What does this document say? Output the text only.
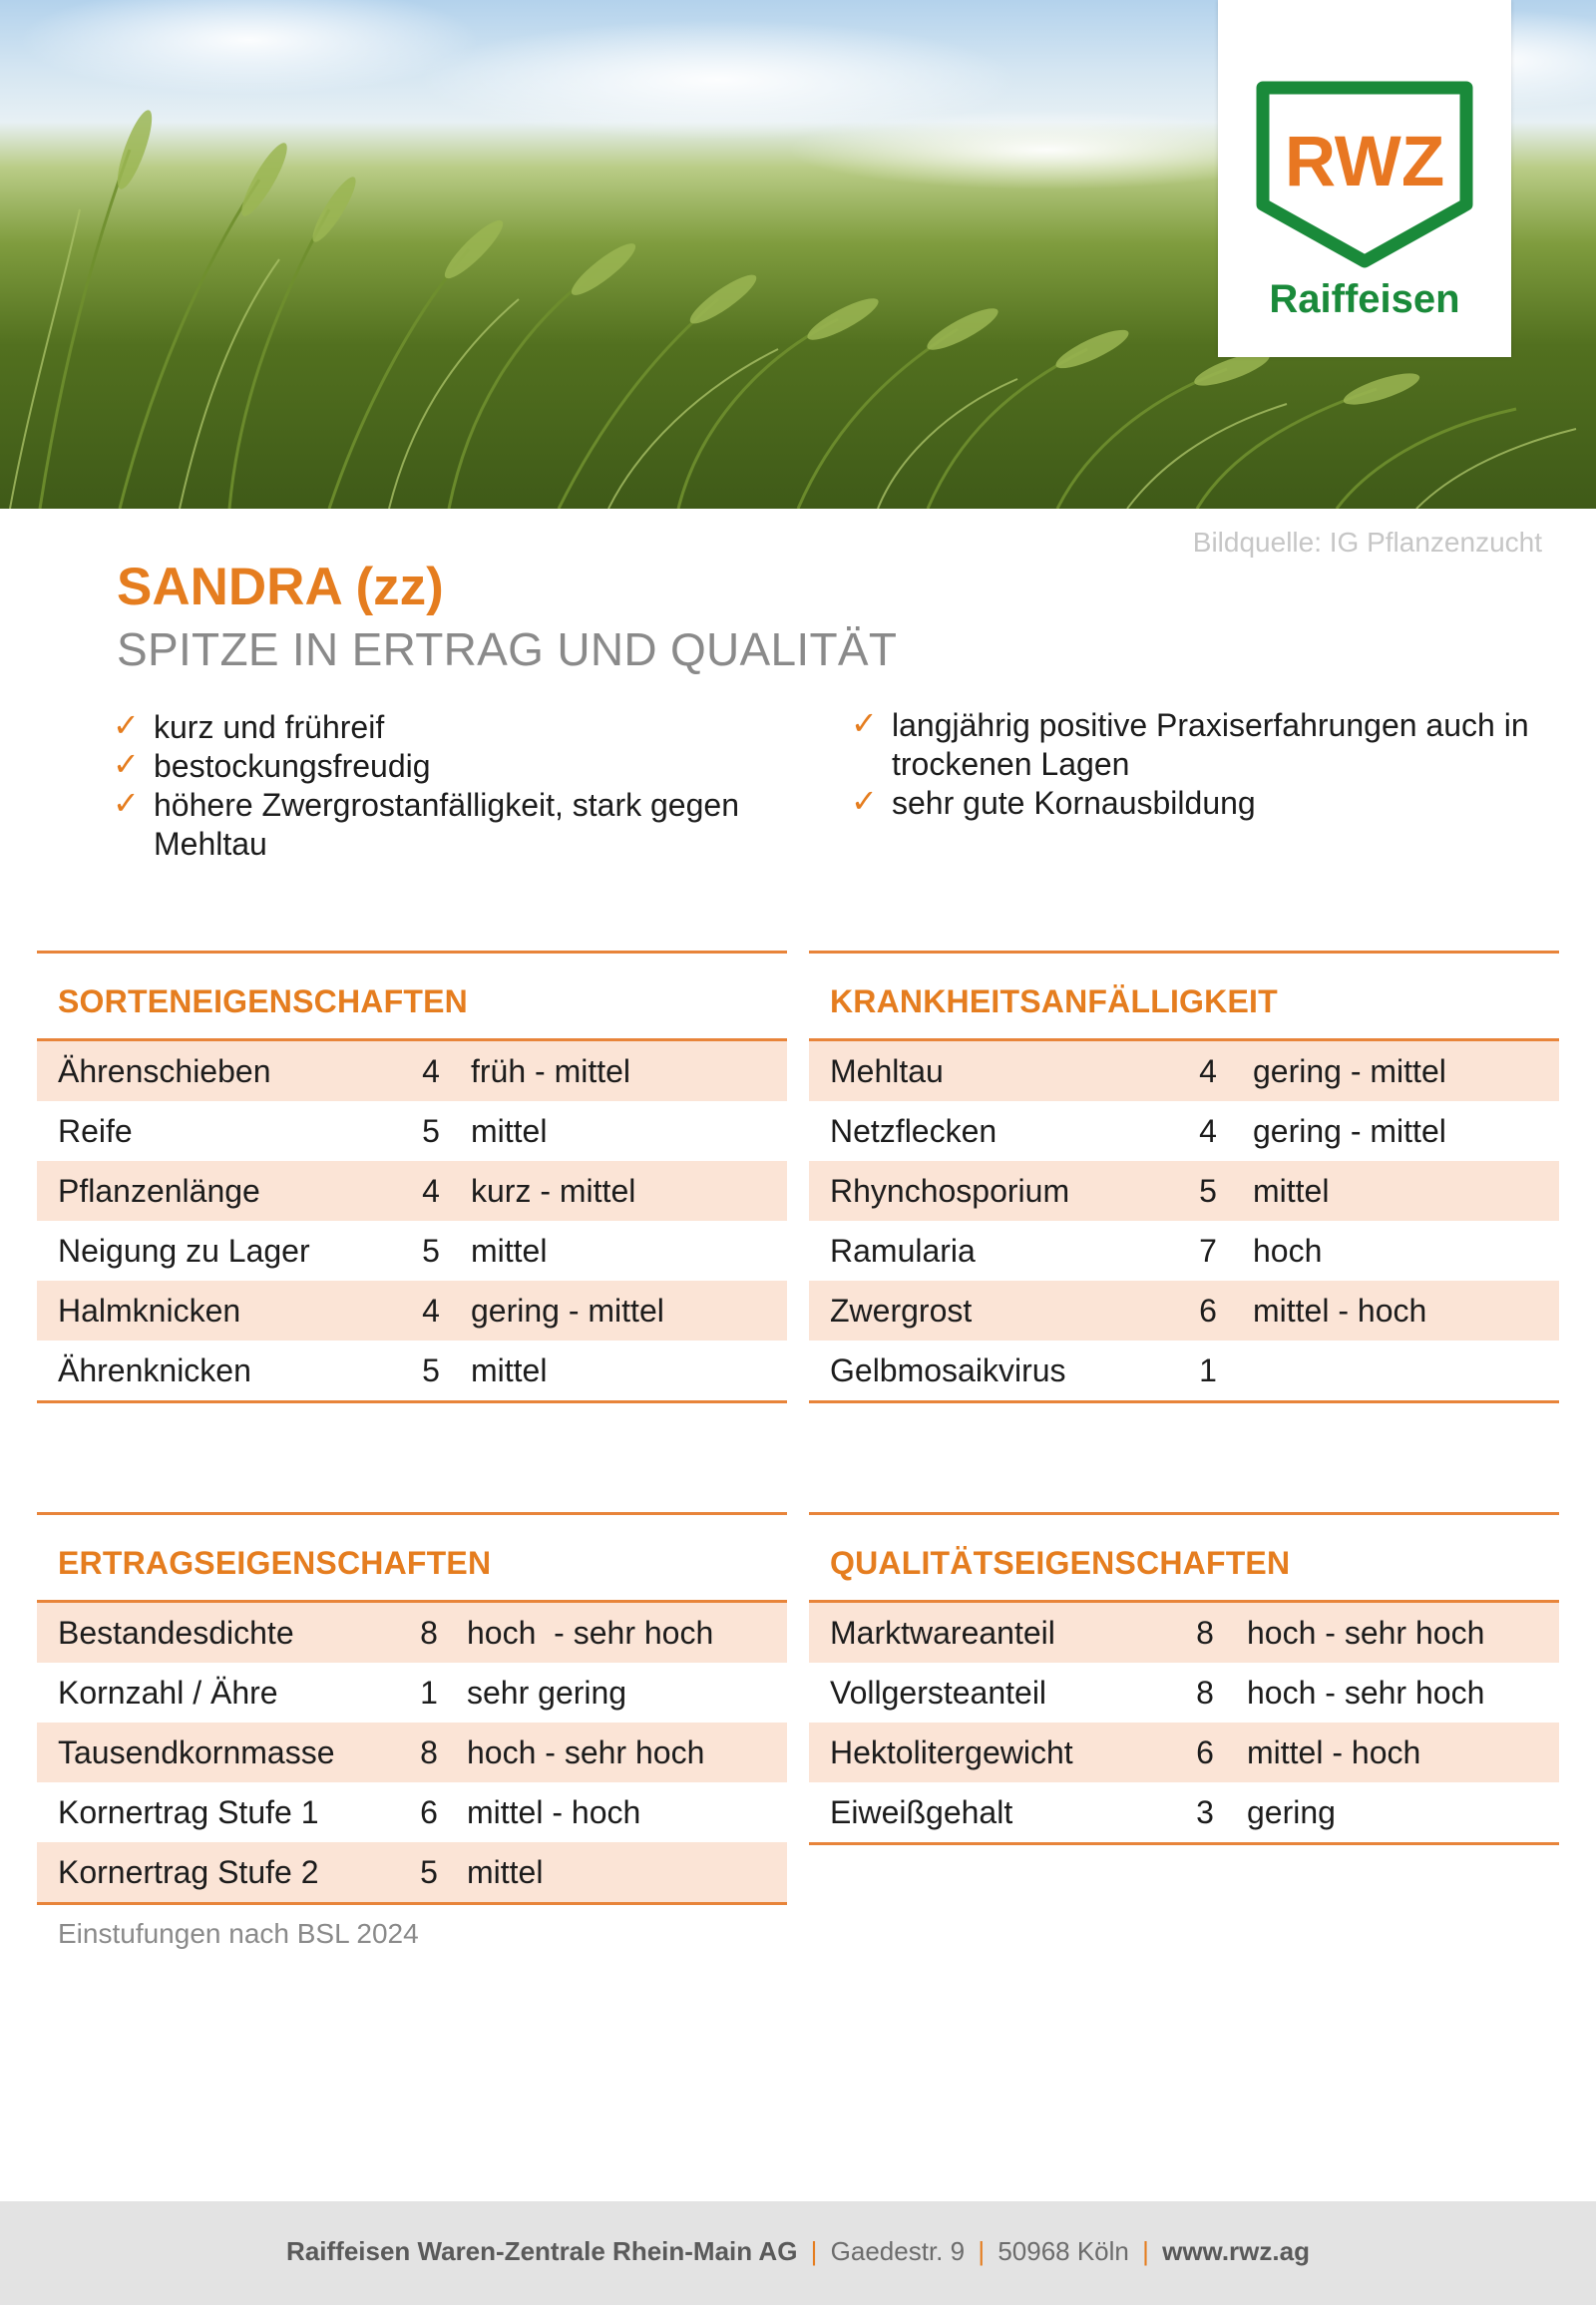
RWZ
Raiffeisen
Bildquelle: IG Pflanzenzucht
SANDRA (zz)
SPITZE IN ERTRAG UND QUALITÄT
✓ kurz und frühreif
✓ bestockungsfreudig
✓ höhere Zwergrostanfälligkeit, stark gegen Mehltau
✓ langjährig positive Praxiserfahrungen auch in trockenen Lagen
✓ sehr gute Kornausbildung
SORTENEIGENSCHAFTEN
Ährenschieben	4	früh - mittel
Reife	5	mittel
Pflanzenlänge	4	kurz - mittel
Neigung zu Lager	5	mittel
Halmknicken	4	gering - mittel
Ährenknicken	5	mittel
KRANKHEITSANFÄLLIGKEIT
Mehltau	4	gering - mittel
Netzflecken	4	gering - mittel
Rhynchosporium	5	mittel
Ramularia	7	hoch
Zwergrost	6	mittel - hoch
Gelbmosaikvirus	1	
ERTRAGSEIGENSCHAFTEN
Bestandesdichte	8	hoch  - sehr hoch
Kornzahl / Ähre	1	sehr gering
Tausendkornmasse	8	hoch - sehr hoch
Kornertrag Stufe 1	6	mittel - hoch
Kornertrag Stufe 2	5	mittel
QUALITÄTSEIGENSCHAFTEN
Marktwareanteil	8	hoch - sehr hoch
Vollgersteanteil	8	hoch - sehr hoch
Hektolitergewicht	6	mittel - hoch
Eiweißgehalt	3	gering

Einstufungen nach BSL 2024

Raiffeisen Waren-Zentrale Rhein-Main AG | Gaedestr. 9 | 50968 Köln | www.rwz.ag
